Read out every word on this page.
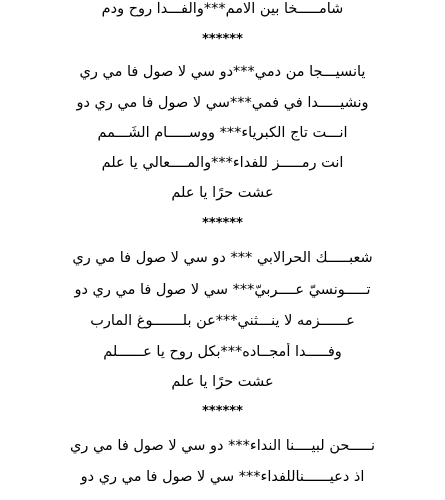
شامـــــخا بين الامم***والفـــدا روح ودم
******
يانسيـــجا من دمي***دو سي لا صول فا مي ري
ونشيـــــدا في فمي***سي لا صول فا مي ري دو
انـــت تاج الكبرياء*** ووســـــام الشَـــمم
انت رمـــــز للفداء***والمــــعالي يا علم
عشت حرًا يا علم
******
شعبـــــك الحرالابي *** دو سي لا صول فا مي ري
تـــــونسيّ عــــربيّ*** سي لا صول فا مي ري دو
عــــــزمه لا ينـــثني***عن بلـــــــوغ المارب
وفـــــدا أمجــاده***بكل روح يا عــــــلم
عشت حرًا يا علم
******
نـــــحن لبيــــنا النداء*** دو سي لا صول فا مي ري
اذ دعيــــــناللفداء*** سي لا صول فا مي ري دو
